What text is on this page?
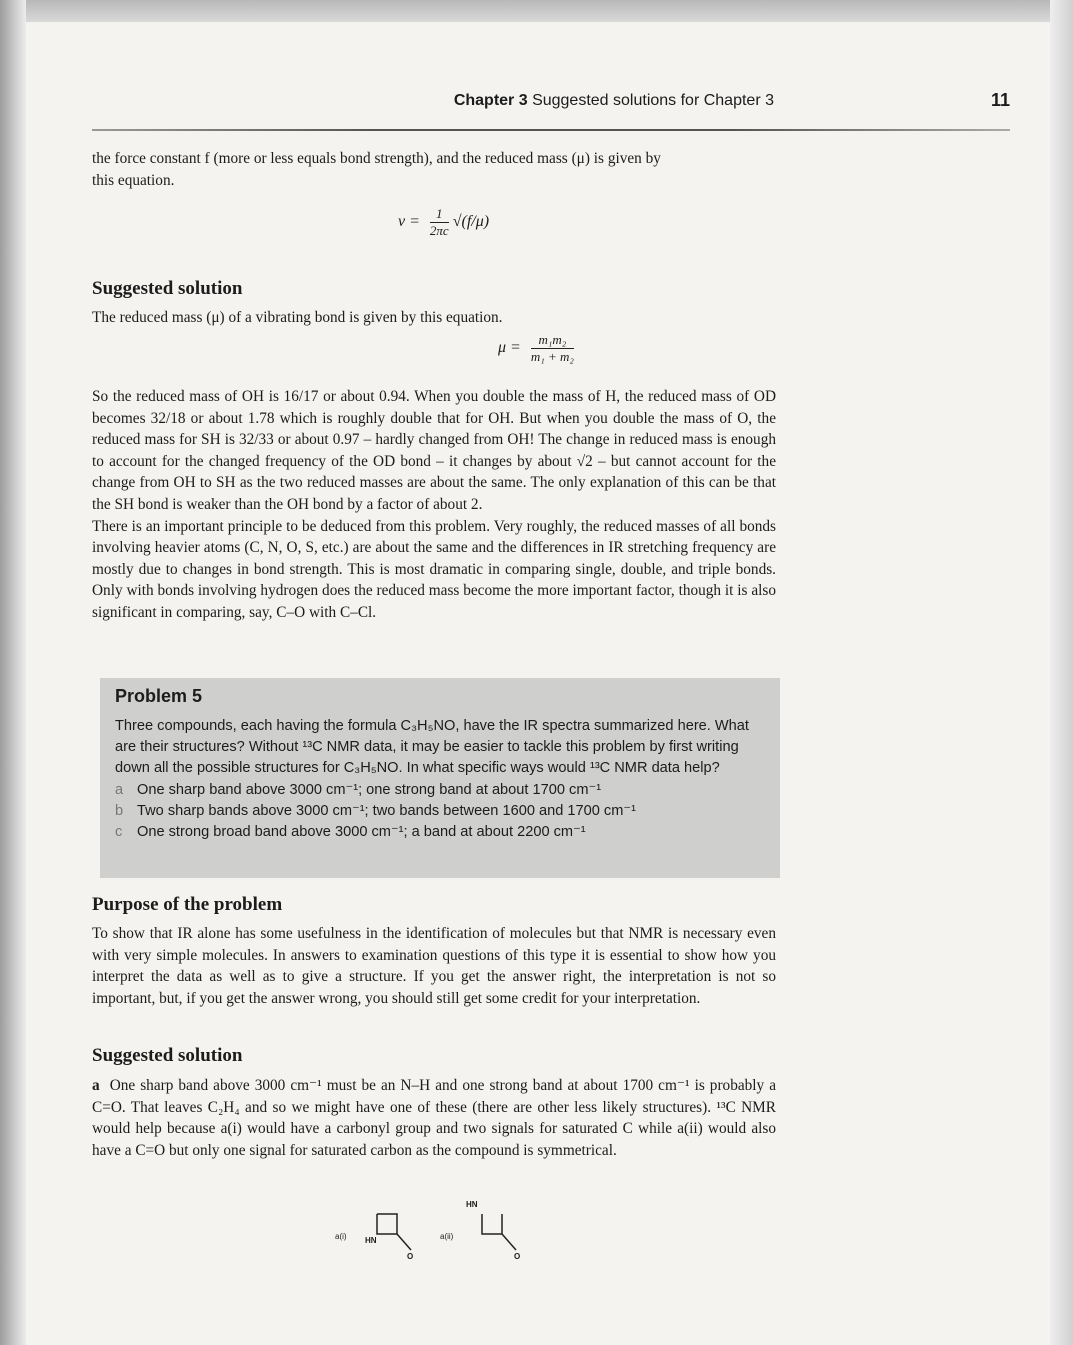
Chapter 3 Suggested solutions for Chapter 3	11

the force constant f (more or less equals bond strength), and the reduced mass (μ) is given by

this equation.

$\nu = \frac{1}{2\pi c} √(f/\mu)$
Suggested solution

The reduced mass (μ) of a vibrating bond is given by this equation.

$\mu = \frac{\text{m₁m₂}}{\text{m₁ + m₂}}$

So the reduced mass of OH is 16/17 or about 0.94. When you double the mass of H, the reduced mass of OD becomes 32/18 or about 1.78 which is roughly double that for OH. But when you double the mass of O, the reduced mass for SH is 32/33 or about 0.97 – hardly changed from OH! The change in reduced mass is enough to account for the changed frequency of the OD bond – it changes by about √2 – but cannot account for the change from OH to SH as the two reduced masses are about the same. The only explanation of this can be that the SH bond is weaker than the OH bond by a factor of about 2.

There is an important principle to be deduced from this problem. Very roughly, the reduced masses of all bonds involving heavier atoms (C, N, O, S, etc.) are about the same and the differences in IR stretching frequency are mostly due to changes in bond strength. This is most dramatic in comparing single, double, and triple bonds. Only with bonds involving hydrogen does the reduced mass become the more important factor, though it is also significant in comparing, say, C–O with C–Cl.

Problem 5

Three compounds, each having the formula C₃H₅NO, have the IR spectra summarized here. What are their structures? Without ¹³C NMR data, it may be easier to tackle this problem by first writing down all the possible structures for C₃H₅NO. In what specific ways would ¹³C NMR data help?

a One sharp band above 3000 cm⁻¹; one strong band at about 1700 cm⁻¹

b Two sharp bands above 3000 cm⁻¹; two bands between 1600 and 1700 cm⁻¹

c One strong broad band above 3000 cm⁻¹; a band at about 2200 cm⁻¹

Purpose of the problem
To show that IR alone has some usefulness in the identification of molecules but that NMR is necessary even with very simple molecules. In answers to examination questions of this type it is essential to show how you interpret the data as well as to give a structure. If you get the answer right, the interpretation is not so important, but, if you get the answer wrong, you should still get some credit for your interpretation.
Suggested solution

a One sharp band above 3000 cm⁻¹ must be an N–H and one strong band at about 1700 cm⁻¹ is probably a C=O. That leaves C₂H₄ and so we might have one of these (there are other less likely structures). ¹³C NMR would help because a(i) would have a carbonyl group and two signals for saturated C while a(ii) would also have a C=O but only one signal for saturated carbon as the compound is symmetrical.

a(i) HN
O
a(ii)
HN
O
